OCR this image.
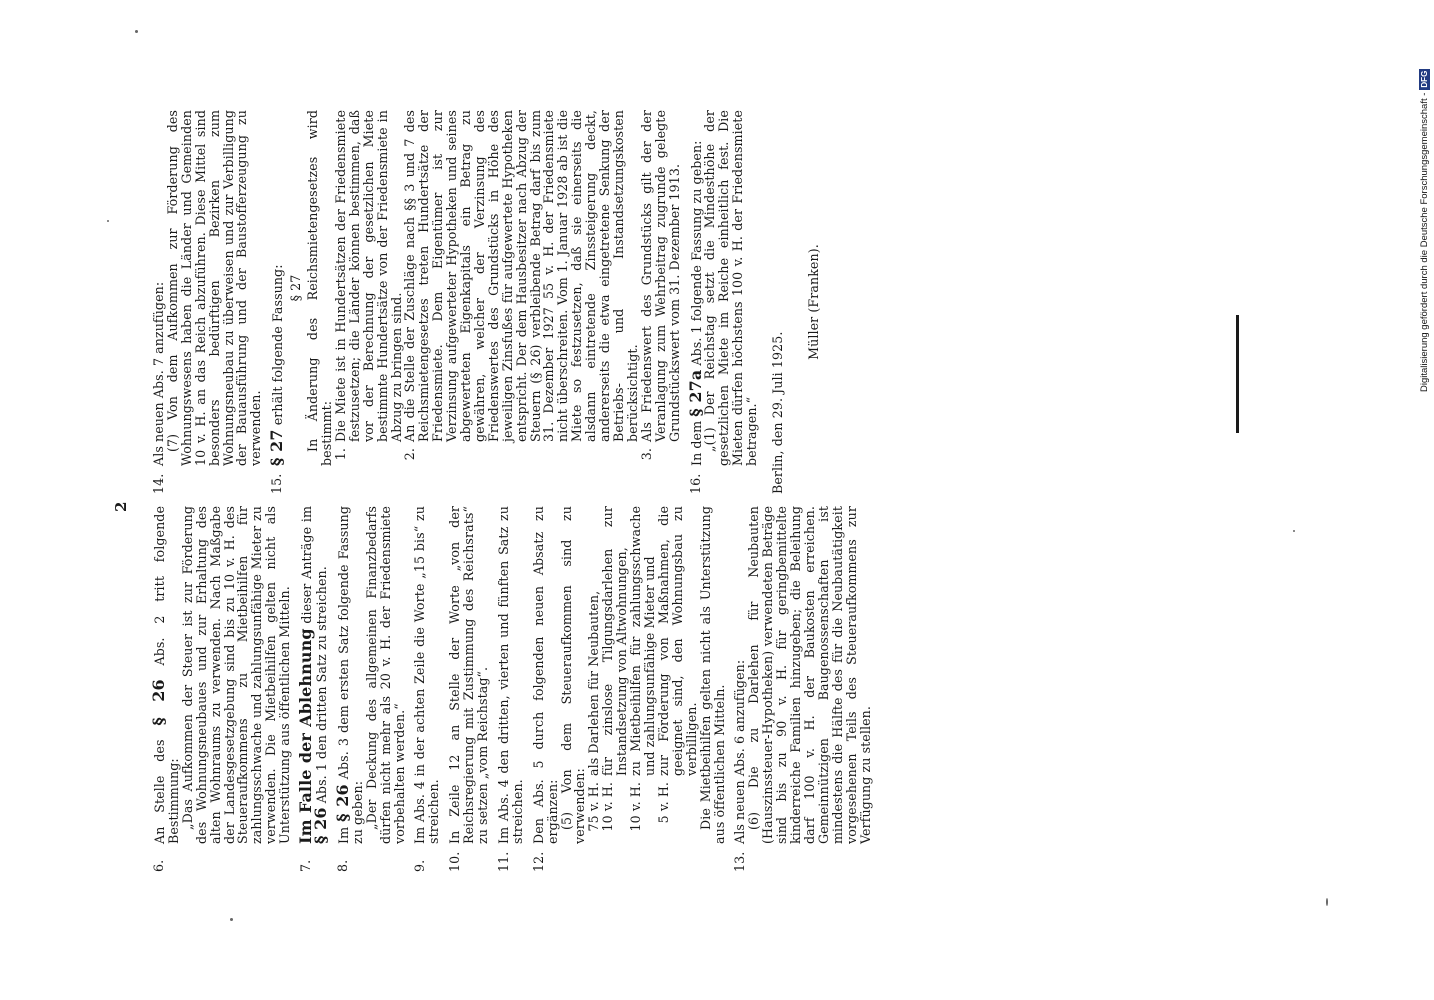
2
6.
An Stelle des § 26 Abs. 2 tritt folgende Bestimmung:
„Das Aufkommen der Steuer ist zur Förderung des Wohnungsneubaues und zur Erhaltung des alten Wohnraums zu verwenden. Nach Maßgabe der Landesgesetzgebung sind bis zu 10 v. H. des Steueraufkommens zu Mietbeihilfen für zahlungsschwache und zahlungsunfähige Mieter zu verwenden. Die Mietbeihilfen gelten nicht als Unterstützung aus öffentlichen Mitteln.
7.
Im Falle der Ablehnung dieser Anträge im § 26 Abs. 1 den dritten Satz zu streichen.
8.
Im § 26 Abs. 3 dem ersten Satz folgende Fassung zu geben:
„Der Deckung des allgemeinen Finanzbedarfs dürfen nicht mehr als 20 v. H. der Friedensmiete vorbehalten werden.“
9.
Im Abs. 4 in der achten Zeile die Worte „15 bis“ zu streichen.
10.
In Zeile 12 an Stelle der Worte „von der Reichsregierung mit Zustimmung des Reichsrats“ zu setzen „vom Reichstag“.
11.
Im Abs. 4 den dritten, vierten und fünften Satz zu streichen.
12.
Den Abs. 5 durch folgenden neuen Absatz zu ergänzen:
(5) Von dem Steueraufkommen sind zu verwenden:
75 v. H.
als Darlehen für Neubauten,
10 v. H.
für zinslose Tilgungsdarlehen zur Instandsetzung von Altwohnungen,
10 v. H.
zu Mietbeihilfen für zahlungsschwache und zahlungsunfähige Mieter und
5 v. H.
zur Förderung von Maßnahmen, die geeignet sind, den Wohnungsbau zu verbilligen.
Die Mietbeihilfen gelten nicht als Unterstützung aus öffentlichen Mitteln.
13.
Als neuen Abs. 6 anzufügen:
(6) Die zu Darlehen für Neubauten (Hauszinssteuer-Hypotheken) verwendeten Beträge sind bis zu 90 v. H. für geringbemittelte kinderreiche Familien hinzugeben; die Beleihung darf 100 v. H. der Baukosten erreichen. Gemeinnützigen Baugenossenschaften ist mindestens die Hälfte des für die Neubautätigkeit vorgesehenen Teils des Steueraufkommens zur Verfügung zu stellen.
14.
Als neuen Abs. 7 anzufügen:
(7) Von dem Aufkommen zur Förderung des Wohnungswesens haben die Länder und Gemeinden 10 v. H. an das Reich abzuführen. Diese Mittel sind besonders bedürftigen Bezirken zum Wohnungsneubau zu überweisen und zur Verbilligung der Bauausführung und der Baustofferzeugung zu verwenden.
15.
§ 27 erhält folgende Fassung: § 27 In Änderung des Reichsmietengesetzes wird bestimmt:
1.
Die Miete ist in Hundertsätzen der Friedensmiete festzusetzen; die Länder können bestimmen, daß vor der Berechnung der gesetzlichen Miete bestimmte Hundertsätze von der Friedensmiete in Abzug zu bringen sind.
2.
An die Stelle der Zuschläge nach §§ 3 und 7 des Reichsmietengesetzes treten Hundertsätze der Friedensmiete. Dem Eigentümer ist zur Verzinsung aufgewerteter Hypotheken und seines abgewerteten Eigenkapitals ein Betrag zu gewähren, welcher der Verzinsung des Friedenswertes des Grundstücks in Höhe des jeweiligen Zinsfußes für aufgewertete Hypotheken entspricht. Der dem Hausbesitzer nach Abzug der Steuern (§ 26) verbleibende Betrag darf bis zum 31. Dezember 1927 55 v. H. der Friedensmiete nicht überschreiten. Vom 1. Januar 1928 ab ist die Miete so festzusetzen, daß sie einerseits die alsdann eintretende Zinssteigerung deckt, andererseits die etwa eingetretene Senkung der Betriebs- und Instandsetzungskosten berücksichtigt.
3.
Als Friedenswert des Grundstücks gilt der der Veranlagung zum Wehrbeitrag zugrunde gelegte Grundstückswert vom 31. Dezember 1913.
16.
In dem § 27a Abs. 1 folgende Fassung zu geben:
„(1) Der Reichstag setzt die Mindesthöhe der gesetzlichen Miete im Reiche einheitlich fest. Die Mieten dürfen höchstens 100 v. H. der Friedensmiete betragen.“ Berlin, den 29. Juli 1925.
Müller (Franken).	Digitalisierung gefördert durch die Deutsche Forschungsgemeinschaft -
DFG
